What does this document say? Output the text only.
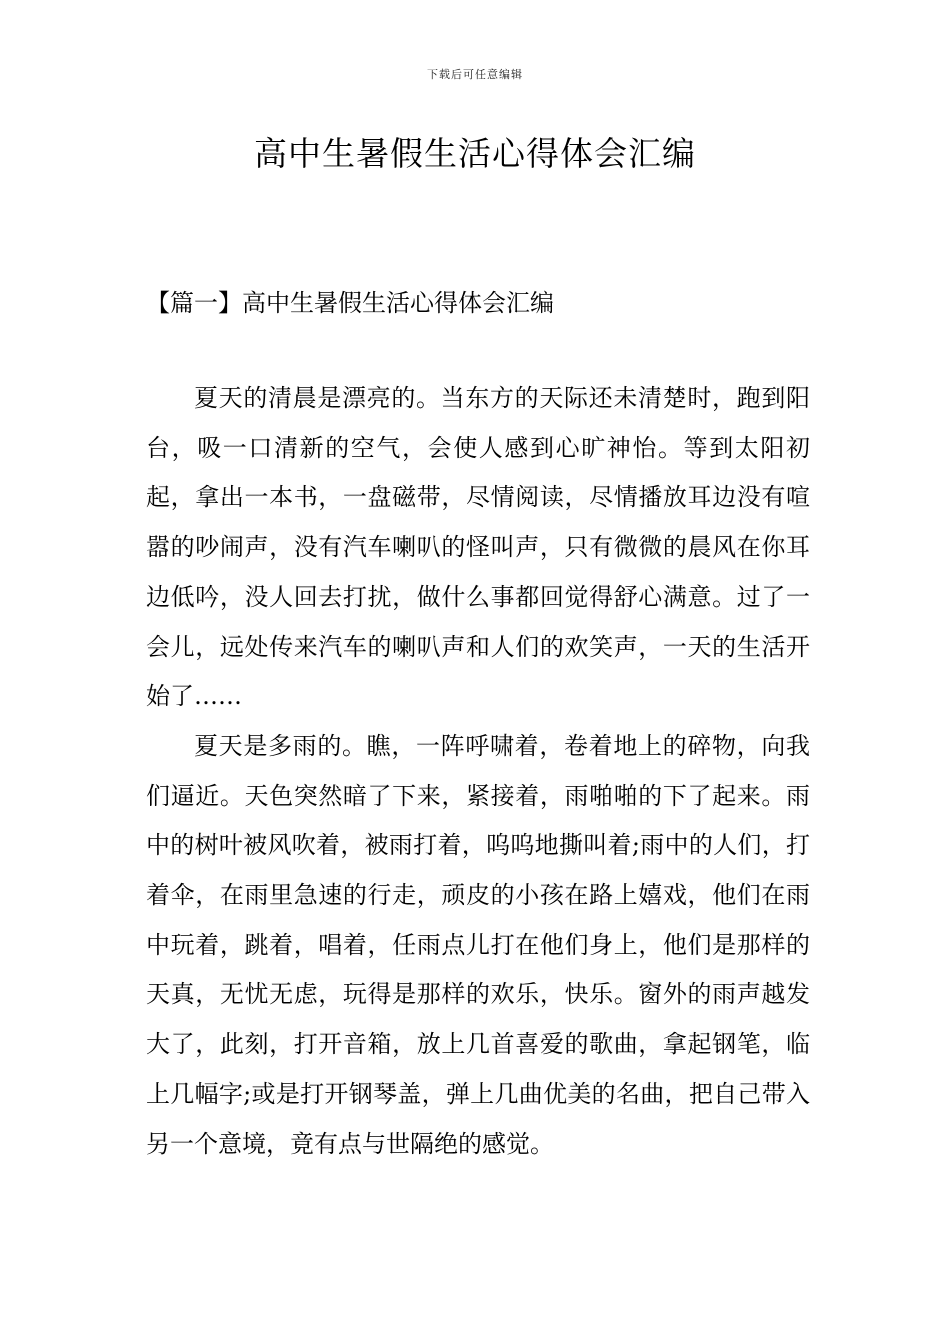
下载后可任意编辑
高中生暑假生活心得体会汇编
【篇一】高中生暑假生活心得体会汇编

夏天的清晨是漂亮的。当东方的天际还未清楚时，跑到阳台，吸一口清新的空气，会使人感到心旷神怡。等到太阳初起，拿出一本书，一盘磁带，尽情阅读，尽情播放耳边没有喧嚣的吵闹声，没有汽车喇叭的怪叫声，只有微微的晨风在你耳边低吟，没人回去打扰，做什么事都回觉得舒心满意。过了一会儿，远处传来汽车的喇叭声和人们的欢笑声，一天的生活开始了……

夏天是多雨的。瞧，一阵呼啸着，卷着地上的碎物，向我们逼近。天色突然暗了下来，紧接着，雨啪啪的下了起来。雨中的树叶被风吹着，被雨打着，呜呜地撕叫着;雨中的人们，打着伞，在雨里急速的行走，顽皮的小孩在路上嬉戏，他们在雨中玩着，跳着，唱着，任雨点儿打在他们身上，他们是那样的天真，无忧无虑，玩得是那样的欢乐，快乐。窗外的雨声越发大了，此刻，打开音箱，放上几首喜爱的歌曲，拿起钢笔，临上几幅字;或是打开钢琴盖，弹上几曲优美的名曲，把自己带入另一个意境，竟有点与世隔绝的感觉。
